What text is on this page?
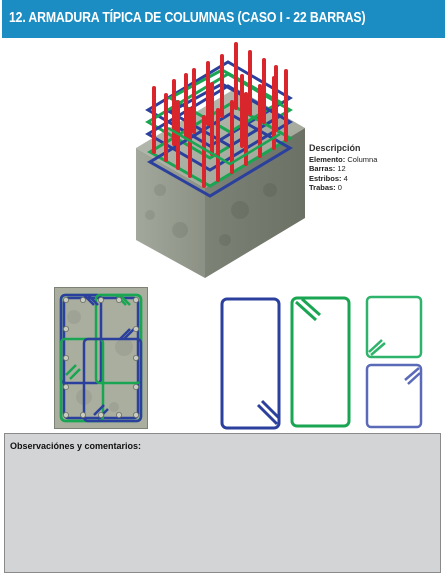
12. ARMADURA TÍPICA DE COLUMNAS (CASO I - 22 BARRAS)
Descripción
Elemento: Columna
Barras: 12
Estribos: 4
Trabas: 0
Observaciónes y comentarios:
